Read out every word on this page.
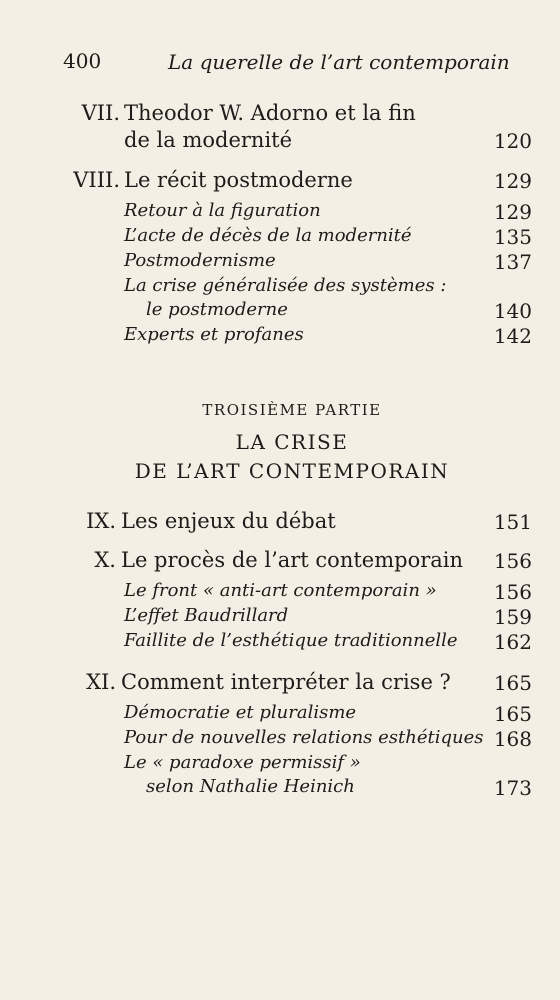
400	La querelle de l’art contemporain
VII. Theodor W. Adorno et la fin
de la modernité	120
VIII. Le récit postmoderne	129
Retour à la figuration	129
L’acte de décès de la modernité	135
Postmodernisme	137
La crise généralisée des systèmes :
le postmoderne	140
Experts et profanes	142
TROISIÈME PARTIE
LA CRISE
DE L’ART CONTEMPORAIN
IX. Les enjeux du débat	151
X. Le procès de l’art contemporain	156
Le front « anti-art contemporain »	156
L’effet Baudrillard	159
Faillite de l’esthétique traditionnelle	162
XI. Comment interpréter la crise ?	165
Démocratie et pluralisme	165
Pour de nouvelles relations esthétiques 168
Le « paradoxe permissif »
selon Nathalie Heinich	173
